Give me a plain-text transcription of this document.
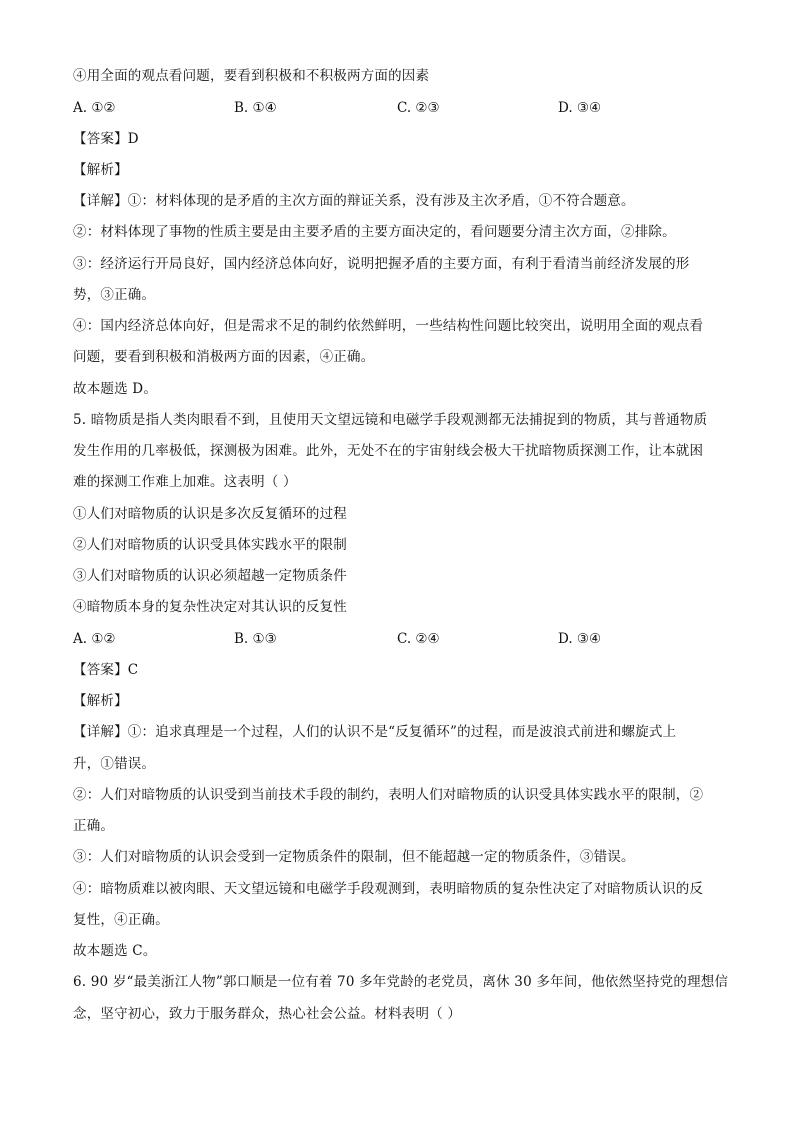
④用全面的观点看问题，要看到积极和不积极两方面的因素
A. ①②	B. ①④	C. ②③	D. ③④
【答案】D
【解析】
【详解】①：材料体现的是矛盾的主次方面的辩证关系，没有涉及主次矛盾，①不符合题意。
②：材料体现了事物的性质主要是由主要矛盾的主要方面决定的，看问题要分清主次方面，②排除。
③：经济运行开局良好，国内经济总体向好，说明把握矛盾的主要方面，有利于看清当前经济发展的形
势，③正确。
④：国内经济总体向好，但是需求不足的制约依然鲜明，一些结构性问题比较突出，说明用全面的观点看
问题，要看到积极和消极两方面的因素，④正确。
故本题选 D。
5. 暗物质是指人类肉眼看不到，且使用天文望远镜和电磁学手段观测都无法捕捉到的物质，其与普通物质
发生作用的几率极低，探测极为困难。此外，无处不在的宇宙射线会极大干扰暗物质探测工作，让本就困
难的探测工作难上加难。这表明（ ）
①人们对暗物质的认识是多次反复循环的过程
②人们对暗物质的认识受具体实践水平的限制
③人们对暗物质的认识必须超越一定物质条件
④暗物质本身的复杂性决定对其认识的反复性
A. ①②	B. ①③	C. ②④	D. ③④
【答案】C
【解析】
【详解】①：追求真理是一个过程，人们的认识不是“反复循环”的过程，而是波浪式前进和螺旋式上
升，①错误。
②：人们对暗物质的认识受到当前技术手段的制约，表明人们对暗物质的认识受具体实践水平的限制，②
正确。
③：人们对暗物质的认识会受到一定物质条件的限制，但不能超越一定的物质条件，③错误。
④：暗物质难以被肉眼、天文望远镜和电磁学手段观测到，表明暗物质的复杂性决定了对暗物质认识的反
复性，④正确。
故本题选 C。
6. 90 岁“最美浙江人物”郭口顺是一位有着 70 多年党龄的老党员，离休 30 多年间，他依然坚持党的理想信
念，坚守初心，致力于服务群众，热心社会公益。材料表明（ ）
